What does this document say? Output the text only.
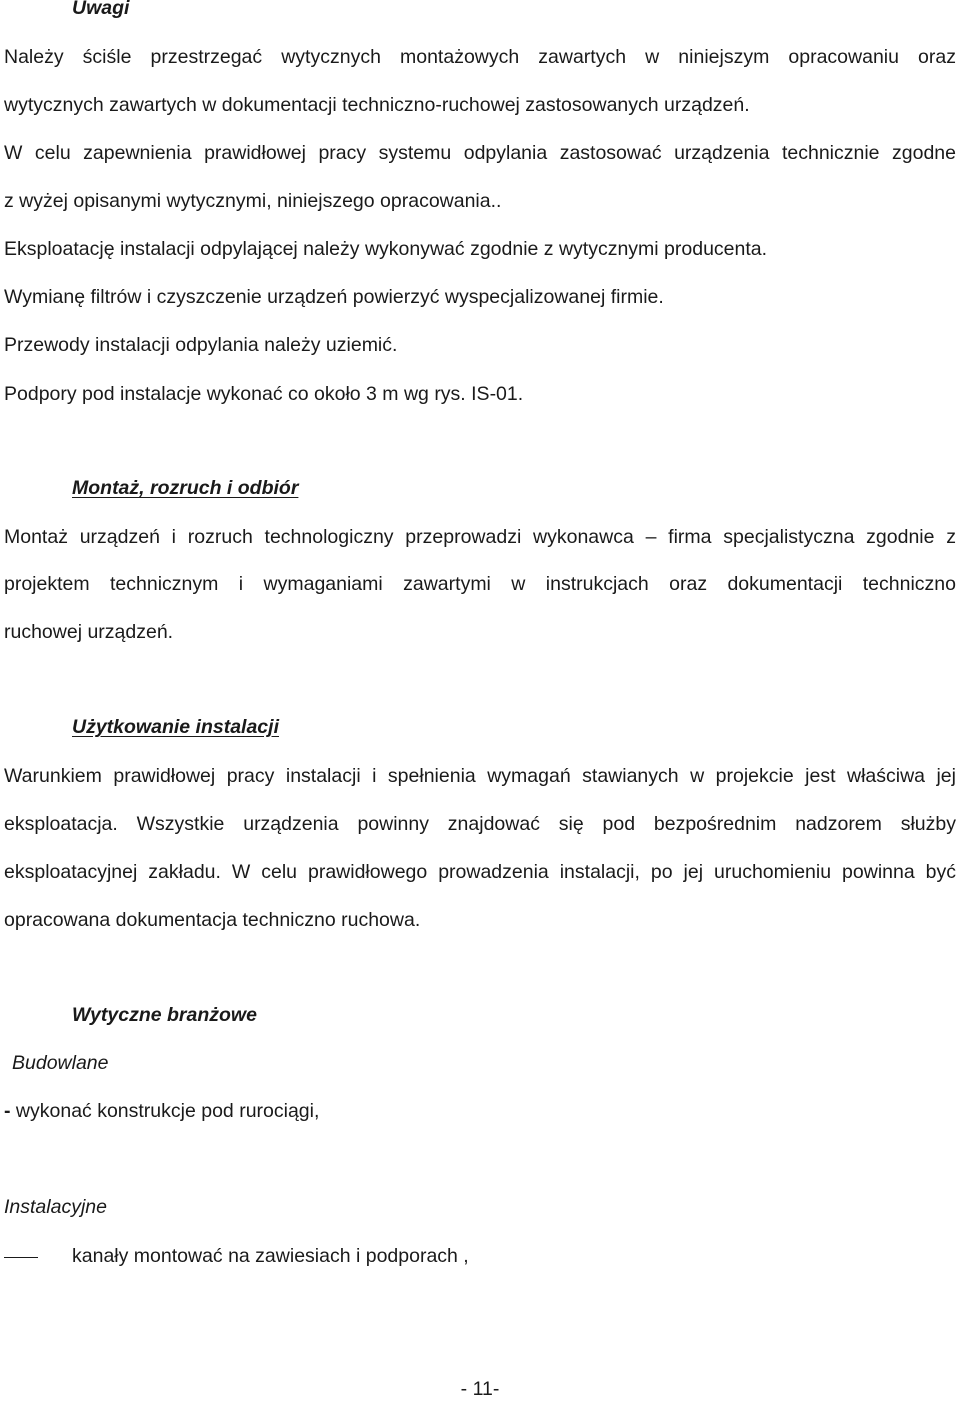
Uwagi
Należy ściśle przestrzegać wytycznych montażowych zawartych w niniejszym opracowaniu oraz
wytycznych zawartych w dokumentacji techniczno-ruchowej zastosowanych urządzeń.
W celu zapewnienia prawidłowej pracy systemu odpylania zastosować urządzenia technicznie zgodne
z wyżej opisanymi wytycznymi, niniejszego opracowania..
Eksploatację instalacji odpylającej należy wykonywać zgodnie z wytycznymi producenta.
Wymianę filtrów i czyszczenie urządzeń powierzyć wyspecjalizowanej firmie.
Przewody instalacji odpylania należy uziemić.
Podpory pod instalacje wykonać co około 3 m wg rys. IS-01.
Montaż, rozruch i odbiór
Montaż urządzeń i rozruch technologiczny przeprowadzi wykonawca – firma specjalistyczna zgodnie z
projektem technicznym i wymaganiami zawartymi w instrukcjach oraz dokumentacji techniczno
ruchowej urządzeń.
Użytkowanie instalacji
Warunkiem prawidłowej pracy instalacji i spełnienia wymagań stawianych w projekcie jest właściwa jej
eksploatacja. Wszystkie urządzenia powinny znajdować się pod bezpośrednim nadzorem służby
eksploatacyjnej zakładu. W celu prawidłowego prowadzenia instalacji, po jej uruchomieniu powinna być
opracowana dokumentacja techniczno ruchowa.
Wytyczne branżowe
Budowlane
- wykonać konstrukcje pod rurociągi,
Instalacyjne
kanały montować na zawiesiach i podporach ,
- 11-
